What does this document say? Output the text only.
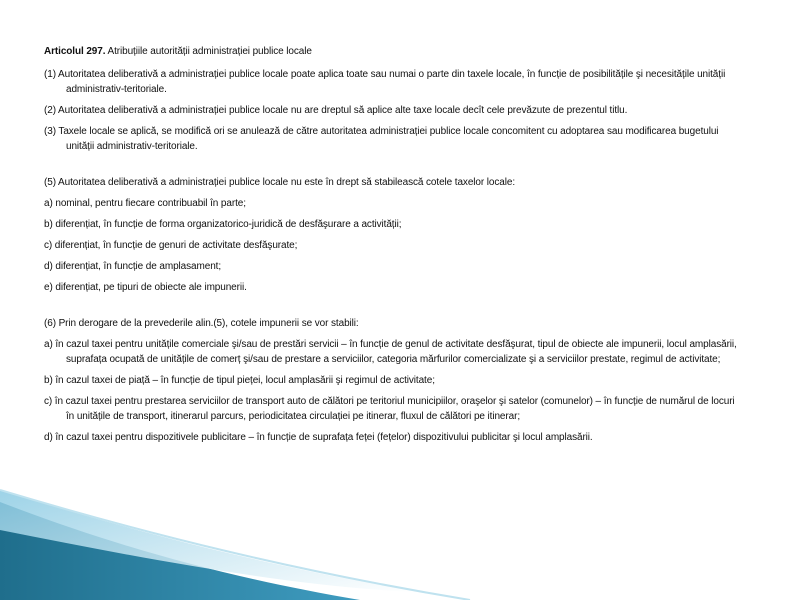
Articolul 297. Atribuțiile autorității administrației publice locale

(1) Autoritatea deliberativă a administrației publice locale poate aplica toate sau numai o parte din taxele locale, în funcție de posibilitățile şi necesitățile unității administrativ-teritoriale.

(2) Autoritatea deliberativă a administrației publice locale nu are dreptul să aplice alte taxe locale decît cele prevăzute de prezentul titlu.

(3) Taxele locale se aplică, se modifică ori se anulează de către autoritatea administrației publice locale concomitent cu adoptarea sau modificarea bugetului unității administrativ-teritoriale.

(5) Autoritatea deliberativă a administrației publice locale nu este în drept să stabilească cotele taxelor locale:

a) nominal, pentru fiecare contribuabil în parte;

b) diferențiat, în funcție de forma organizatorico-juridică de desfăşurare a activității;

c) diferențiat, în funcție de genuri de activitate desfăşurate;

d) diferențiat, în funcție de amplasament;

e) diferențiat, pe tipuri de obiecte ale impunerii.

(6) Prin derogare de la prevederile alin.(5), cotele impunerii se vor stabili:

a) în cazul taxei pentru unitățile comerciale şi/sau de prestări servicii – în funcție de genul de activitate desfăşurat, tipul de obiecte ale impunerii, locul amplasării, suprafața ocupată de unitățile de comerț şi/sau de prestare a serviciilor, categoria mărfurilor comercializate şi a serviciilor prestate, regimul de activitate;

b) în cazul taxei de piață – în funcție de tipul pieței, locul amplasării şi regimul de activitate;

c) în cazul taxei pentru prestarea serviciilor de transport auto de călători pe teritoriul municipiilor, oraşelor şi satelor (comunelor) – în funcție de numărul de locuri în unitățile de transport, itinerarul parcurs, periodicitatea circulației pe itinerar, fluxul de călători pe itinerar;

d) în cazul taxei pentru dispozitivele publicitare – în funcție de suprafața feței (fețelor) dispozitivului publicitar şi locul amplasării.
